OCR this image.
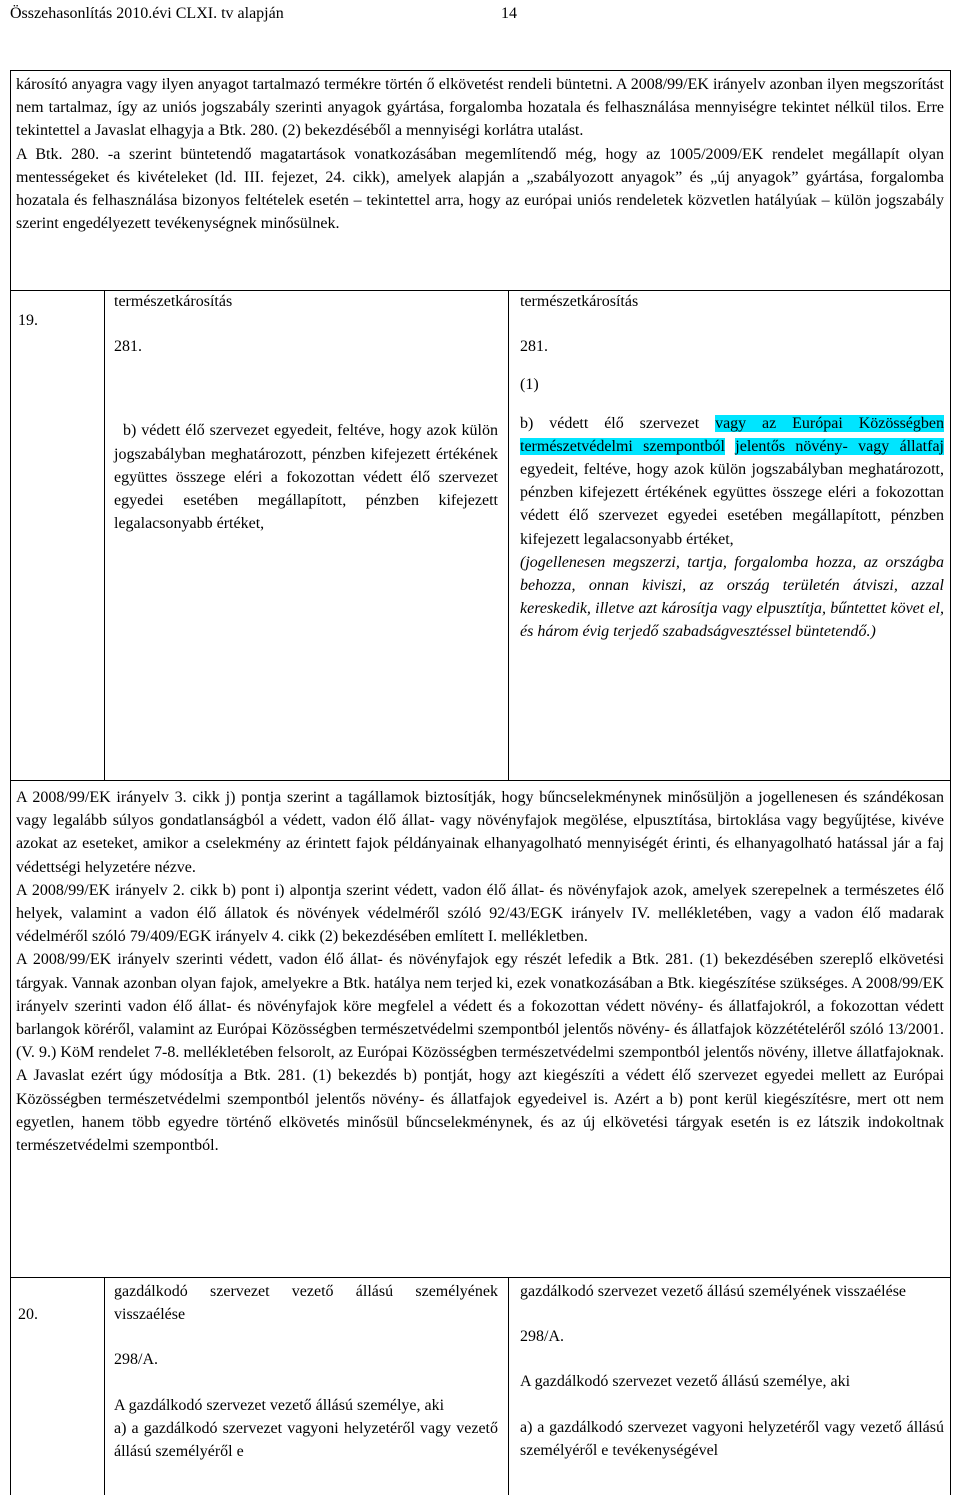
Összehasonlítás 2010.évi CLXI. tv alapján	14

károsító anyagra vagy ilyen anyagot tartalmazó termékre történ ő elkövetést rendeli büntetni. A 2008/99/EK irányelv azonban ilyen megszorítást nem tartalmaz, így az uniós jogszabály szerinti anyagok gyártása, forgalomba hozatala és felhasználása mennyiségre tekintet nélkül tilos. Erre tekintettel a Javaslat elhagyja a Btk. 280. (2) bekezdéséből a mennyiségi korlátra utalást.

A Btk. 280. -a szerint büntetendő magatartások vonatkozásában megemlítendő még, hogy az 1005/2009/EK rendelet megállapít olyan mentességeket és kivételeket (ld. III. fejezet, 24. cikk), amelyek alapján a „szabályozott anyagok” és „új anyagok” gyártása, forgalomba hozatala és felhasználása bizonyos feltételek esetén – tekintettel arra, hogy az európai uniós rendeletek közvetlen hatályúak – külön jogszabály szerint engedélyezett tevékenységnek minősülnek.

19.

természetkárosítás

281.

b) védett élő szervezet egyedeit, feltéve, hogy azok külön jogszabályban meghatározott, pénzben kifejezett értékének együttes összege eléri a fokozottan védett élő szervezet egyedei esetében megállapított, pénzben kifejezett legalacsonyabb értéket,

természetkárosítás

281.

(1)

b) védett élő szervezet vagy az Európai Közösségben természetvédelmi szempontból jelentős növény- vagy állatfaj egyedeit, feltéve, hogy azok külön jogszabályban meghatározott, pénzben kifejezett értékének együttes összege eléri a fokozottan védett élő szervezet egyedei esetében megállapított, pénzben kifejezett legalacsonyabb értéket,

(jogellenesen megszerzi, tartja, forgalomba hozza, az országba behozza, onnan kiviszi, az ország területén átviszi, azzal kereskedik, illetve azt károsítja vagy elpusztítja, bűntettet követ el, és három évig terjedő szabadságvesztéssel büntetendő.)

A 2008/99/EK irányelv 3. cikk j) pontja szerint a tagállamok biztosítják, hogy bűncselekménynek minősüljön a jogellenesen és szándékosan vagy legalább súlyos gondatlanságból a védett, vadon élő állat- vagy növényfajok megölése, elpusztítása, birtoklása vagy begyűjtése, kivéve azokat az eseteket, amikor a cselekmény az érintett fajok példányainak elhanyagolható mennyiségét érinti, és elhanyagolható hatással jár a faj védettségi helyzetére nézve.

A 2008/99/EK irányelv 2. cikk b) pont i) alpontja szerint védett, vadon élő állat- és növényfajok azok, amelyek szerepelnek a természetes élő helyek, valamint a vadon élő állatok és növények védelméről szóló 92/43/EGK irányelv IV. mellékletében, vagy a vadon élő madarak védelméről szóló 79/409/EGK irányelv 4. cikk (2) bekezdésében említett I. mellékletben.

A 2008/99/EK irányelv szerinti védett, vadon élő állat- és növényfajok egy részét lefedik a Btk. 281. (1) bekezdésében szereplő elkövetési tárgyak. Vannak azonban olyan fajok, amelyekre a Btk. hatálya nem terjed ki, ezek vonatkozásában a Btk. kiegészítése szükséges. A 2008/99/EK irányelv szerinti vadon élő állat- és növényfajok köre megfelel a védett és a fokozottan védett növény- és állatfajokról, a fokozottan védett barlangok köréről, valamint az Európai Közösségben természetvédelmi szempontból jelentős növény- és állatfajok közzétételéről szóló 13/2001. (V. 9.) KöM rendelet 7-8. mellékletében felsorolt, az Európai Közösségben természetvédelmi szempontból jelentős növény, illetve állatfajoknak. A Javaslat ezért úgy módosítja a Btk. 281. (1) bekezdés b) pontját, hogy azt kiegészíti a védett élő szervezet egyedei mellett az Európai Közösségben természetvédelmi szempontból jelentős növény- és állatfajok egyedeivel is. Azért a b) pont kerül kiegészítésre, mert ott nem egyetlen, hanem több egyedre történő elkövetés minősül bűncselekménynek, és az új elkövetési tárgyak esetén is ez látszik indokoltnak természetvédelmi szempontból.

20.

gazdálkodó szervezet vezető állású személyének visszaélése

298/A.

A gazdálkodó szervezet vezető állású személye, aki

a) a gazdálkodó szervezet vagyoni helyzetéről vagy vezető állású személyéről e

gazdálkodó szervezet vezető állású személyének visszaélése

298/A.

A gazdálkodó szervezet vezető állású személye, aki

a) a gazdálkodó szervezet vagyoni helyzetéről vagy vezető állású személyéről e tevékenységével
